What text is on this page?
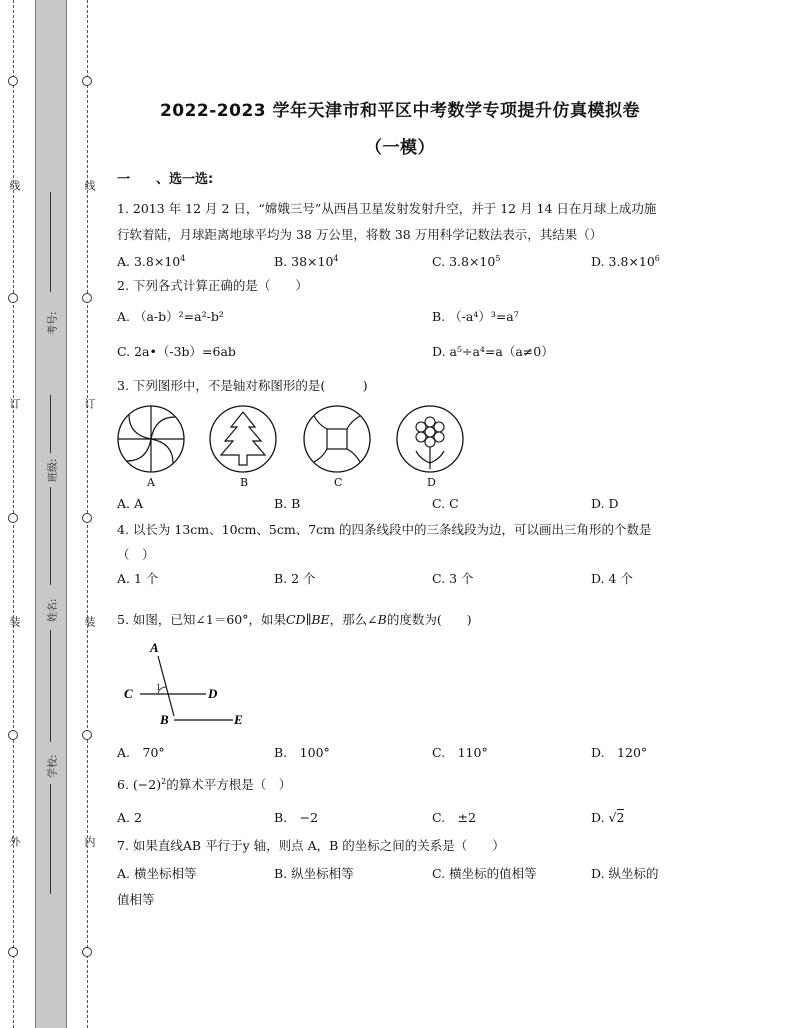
线
订
装
外
线
订
装
内
考号:
班级:
姓名:
学校:
2022-2023 学年天津市和平区中考数学专项提升仿真模拟卷
（一模）
一　　、选一选:
1. 2013 年 12 月 2 日，“嫦娥三号”从西昌卫星发射发射升空，并于 12 月 14 日在月球上成功施
行软着陆，月球距离地球平均为 38 万公里，将数 38 万用科学记数法表示，其结果（）
A. $3.8\times 10^4$	B. $38\times 10^4$	C. $3.8\times 10^5$	D. $3.8\times 10^6$
2. 下列各式计算正确的是（　　）
A. （a-b）²=a²-b²	B. （-a⁴）³=a⁷
C. 2a•（-3b）=6ab	D. a⁵÷a⁴=a（a≠0）
3. 下列图形中，不是轴对称图形的是(　　　)
A	B	C	D
A. A	B. B	C. C	D. D
4. 以长为 13cm、10cm、5cm、7cm 的四条线段中的三条线段为边，可以画出三角形的个数是
（　）
A. 1 个	B. 2 个	C. 3 个	D. 4 个
5. 如图，已知∠1＝60°，如果CD∥BE，那么∠B的度数为(　　)
A
C	D
B	E
1
A.　70°	B.　100°	C.　110°	D.　120°
6. $(-2)^2$的算术平方根是（　）
A. 2	B.　−2	C.　±2	D. √2
7. 如果直线AB 平行于y 轴，则点 A，B 的坐标之间的关系是（　　）
A. 横坐标相等	B. 纵坐标相等	C. 横坐标的值相等	D. 纵坐标的
值相等
